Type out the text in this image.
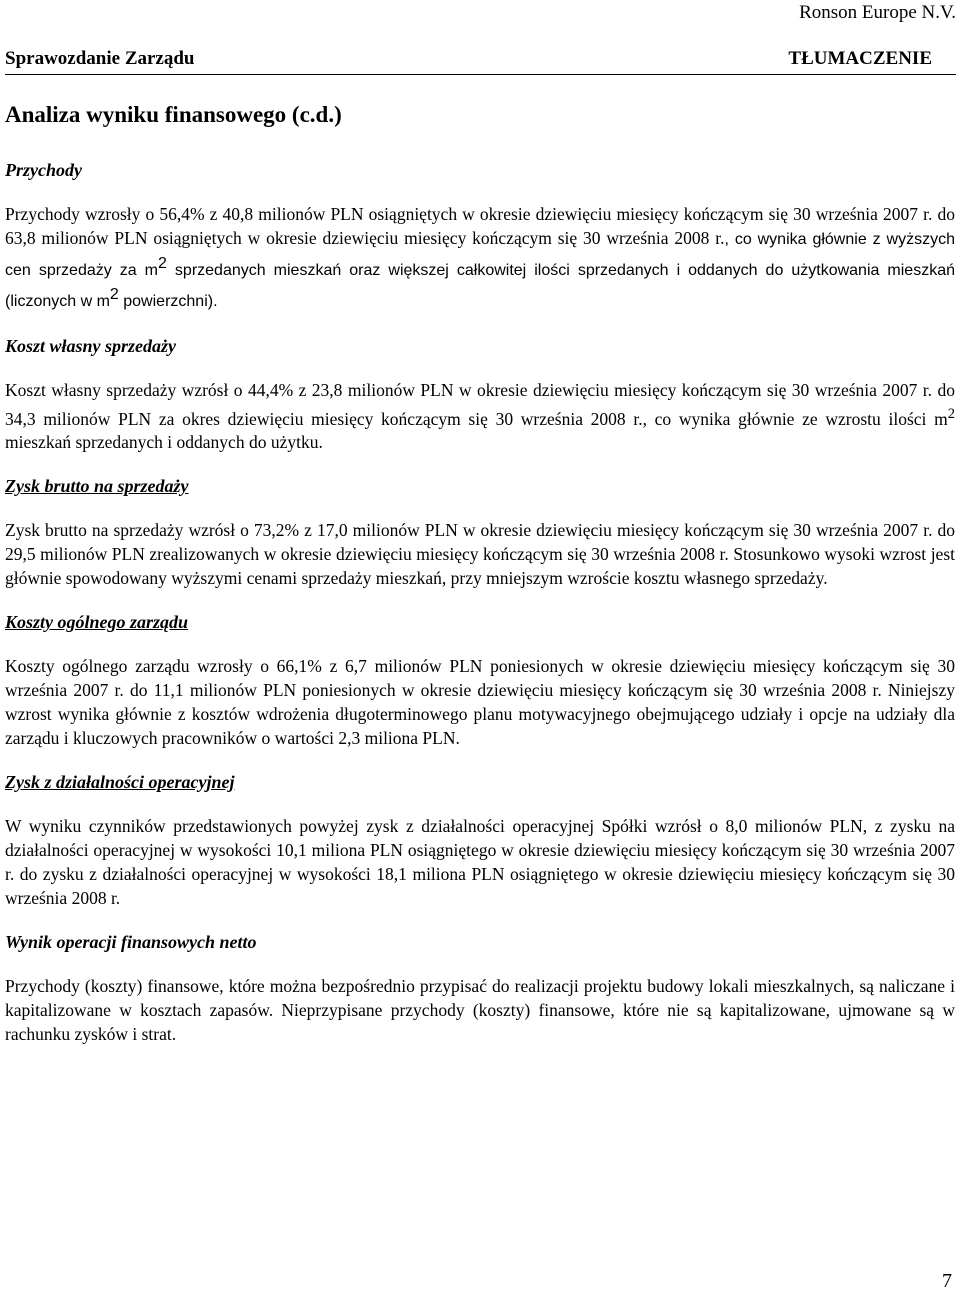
Ronson Europe N.V.
Sprawozdanie Zarządu	TŁUMACZENIE
Analiza wyniku finansowego (c.d.)
Przychody

Przychody wzrosły o 56,4% z 40,8 milionów PLN osiągniętych w okresie dziewięciu miesięcy kończącym się 30 września 2007 r. do 63,8 milionów PLN osiągniętych w okresie dziewięciu miesięcy kończącym się 30 września 2008 r., co wynika głównie z wyższych cen sprzedaży za $m^2$ sprzedanych mieszkań oraz większej całkowitej ilości sprzedanych i oddanych do użytkowania mieszkań (liczonych w $m^2$ powierzchni).

Koszt własny sprzedaży

Koszt własny sprzedaży wzrósł o 44,4% z 23,8 milionów PLN w okresie dziewięciu miesięcy kończącym się 30 września 2007 r. do 34,3 milionów PLN za okres dziewięciu miesięcy kończącym się 30 września 2008 r., co wynika głównie ze wzrostu ilości $m^2$ mieszkań sprzedanych i oddanych do użytku.

Zysk brutto na sprzedaży

Zysk brutto na sprzedaży wzrósł o 73,2% z 17,0 milionów PLN w okresie dziewięciu miesięcy kończącym się 30 września 2007 r. do 29,5 milionów PLN zrealizowanych w okresie dziewięciu miesięcy kończącym się 30 września 2008 r. Stosunkowo wysoki wzrost jest głównie spowodowany wyższymi cenami sprzedaży mieszkań, przy mniejszym wzroście kosztu własnego sprzedaży.

Koszty ogólnego zarządu

Koszty ogólnego zarządu wzrosły o 66,1% z 6,7 milionów PLN poniesionych w okresie dziewięciu miesięcy kończącym się 30 września 2007 r. do 11,1 milionów PLN poniesionych w okresie dziewięciu miesięcy kończącym się 30 września 2008 r. Niniejszy wzrost wynika głównie z kosztów wdrożenia długoterminowego planu motywacyjnego obejmującego udziały i opcje na udziały dla zarządu i kluczowych pracowników o wartości 2,3 miliona PLN.

Zysk z działalności operacyjnej

W wyniku czynników przedstawionych powyżej zysk z działalności operacyjnej Spółki wzrósł o 8,0 milionów PLN, z zysku na działalności operacyjnej w wysokości 10,1 miliona PLN osiągniętego w okresie dziewięciu miesięcy kończącym się 30 września 2007 r. do zysku z działalności operacyjnej w wysokości 18,1 miliona PLN osiągniętego w okresie dziewięciu miesięcy kończącym się 30 września 2008 r.

Wynik operacji finansowych netto

Przychody (koszty) finansowe, które można bezpośrednio przypisać do realizacji projektu budowy lokali mieszkalnych, są naliczane i kapitalizowane w kosztach zapasów. Nieprzypisane przychody (koszty) finansowe, które nie są kapitalizowane, ujmowane są w rachunku zysków i strat.

7
